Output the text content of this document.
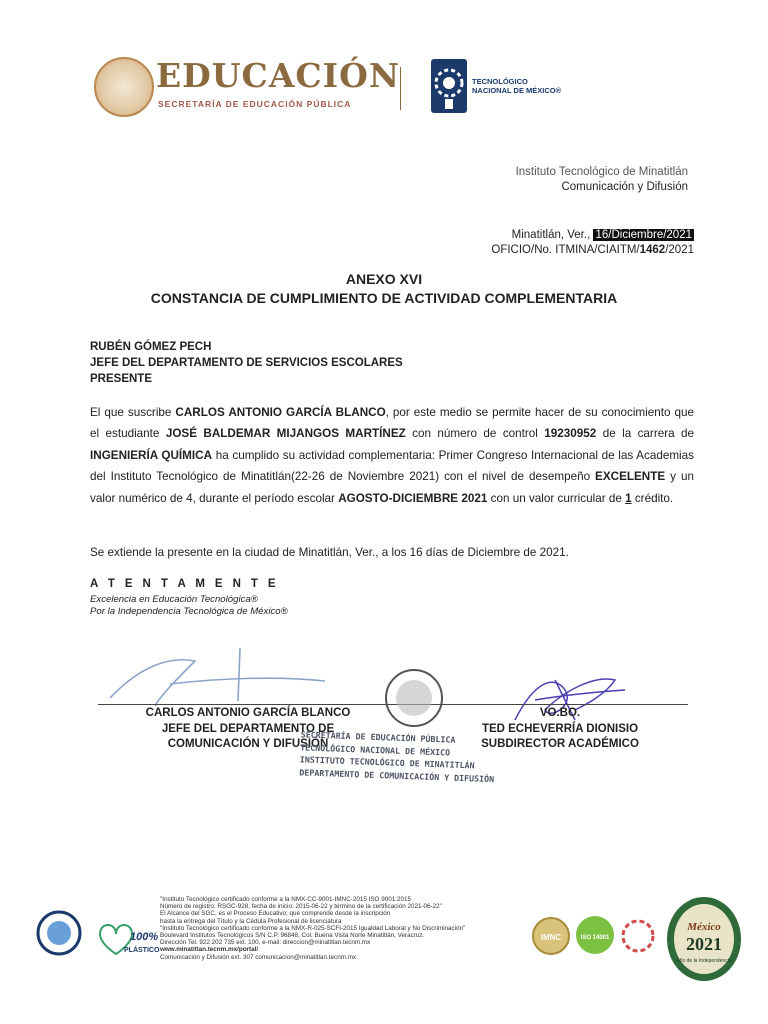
EDUCACIÓN
SECRETARÍA DE EDUCACIÓN PÚBLICA
TECNOLÓGICO
NACIONAL DE MÉXICO®
Instituto Tecnológico de Minatitlán
Comunicación y Difusión
Minatitlán, Ver., 16/Diciembre/2021
OFICIO/No. ITMINA/CIAITM/1462/2021
ANEXO XVI
CONSTANCIA DE CUMPLIMIENTO DE ACTIVIDAD COMPLEMENTARIA
RUBÉN GÓMEZ PECH
JEFE DEL DEPARTAMENTO DE SERVICIOS ESCOLARES
PRESENTE
El que suscribe CARLOS ANTONIO GARCÍA BLANCO, por este medio se permite hacer de su conocimiento que el estudiante JOSÉ BALDEMAR MIJANGOS MARTÍNEZ con número de control 19230952 de la carrera de INGENIERÍA QUÍMICA ha cumplido su actividad complementaria: Primer Congreso Internacional de las Academias del Instituto Tecnológico de Minatitlán(22-26 de Noviembre 2021) con el nivel de desempeño EXCELENTE y un valor numérico de 4, durante el período escolar AGOSTO-DICIEMBRE 2021 con un valor curricular de 1 crédito.
Se extiende la presente en la ciudad de Minatitlán, Ver., a los 16 días de Diciembre de 2021.
A T E N T A M E N T E
Excelencia en Educación Tecnológica®
Por la Independencia Tecnológica de México®
CARLOS ANTONIO GARCÍA BLANCO
JEFE DEL DEPARTAMENTO DE
COMUNICACIÓN Y DIFUSIÓN
VO.BO.
TED ECHEVERRÍA DIONISIO
SUBDIRECTOR ACADÉMICO
SECRETARÍA DE EDUCACIÓN PÚBLICA
TECNOLÓGICO NACIONAL DE MÉXICO
INSTITUTO TECNOLÓGICO DE MINATITLÁN
DEPARTAMENTO DE COMUNICACIÓN Y DIFUSIÓN
100%
PLÁSTICO
"Instituto Tecnológico certificado conforme a la NMX-CC-9001-IMNC-2015 ISO 9001:2015
Número de registro: RSGC-928, fecha de inicio: 2015-06-22 y término de la certificación 2021-06-22"
El Alcance del SGC, es el Proceso Educativo; que comprende desde la inscripción
hasta la entrega del Título y la Cédula Profesional de licenciatura
"Instituto Tecnológico certificado conforme a la NMX-R-025-SCFI-2015 Igualdad Laboral y No Discriminación"
Boulevard Institutos Tecnológicos S/N C.P. 96848, Col. Buena Vista Norte Minatitlán, Veracruz.
Dirección Tel. 922 202 735 ext. 100, e-mail: direccion@minatitlan.tecnm.mx
www.minatitlan.tecnm.mx/portal/
Comunicación y Difusión ext. 307 comunicacion@minatitlan.tecnm.mx
IMNC	ISO 14001
México
2021
Año de la Independencia
